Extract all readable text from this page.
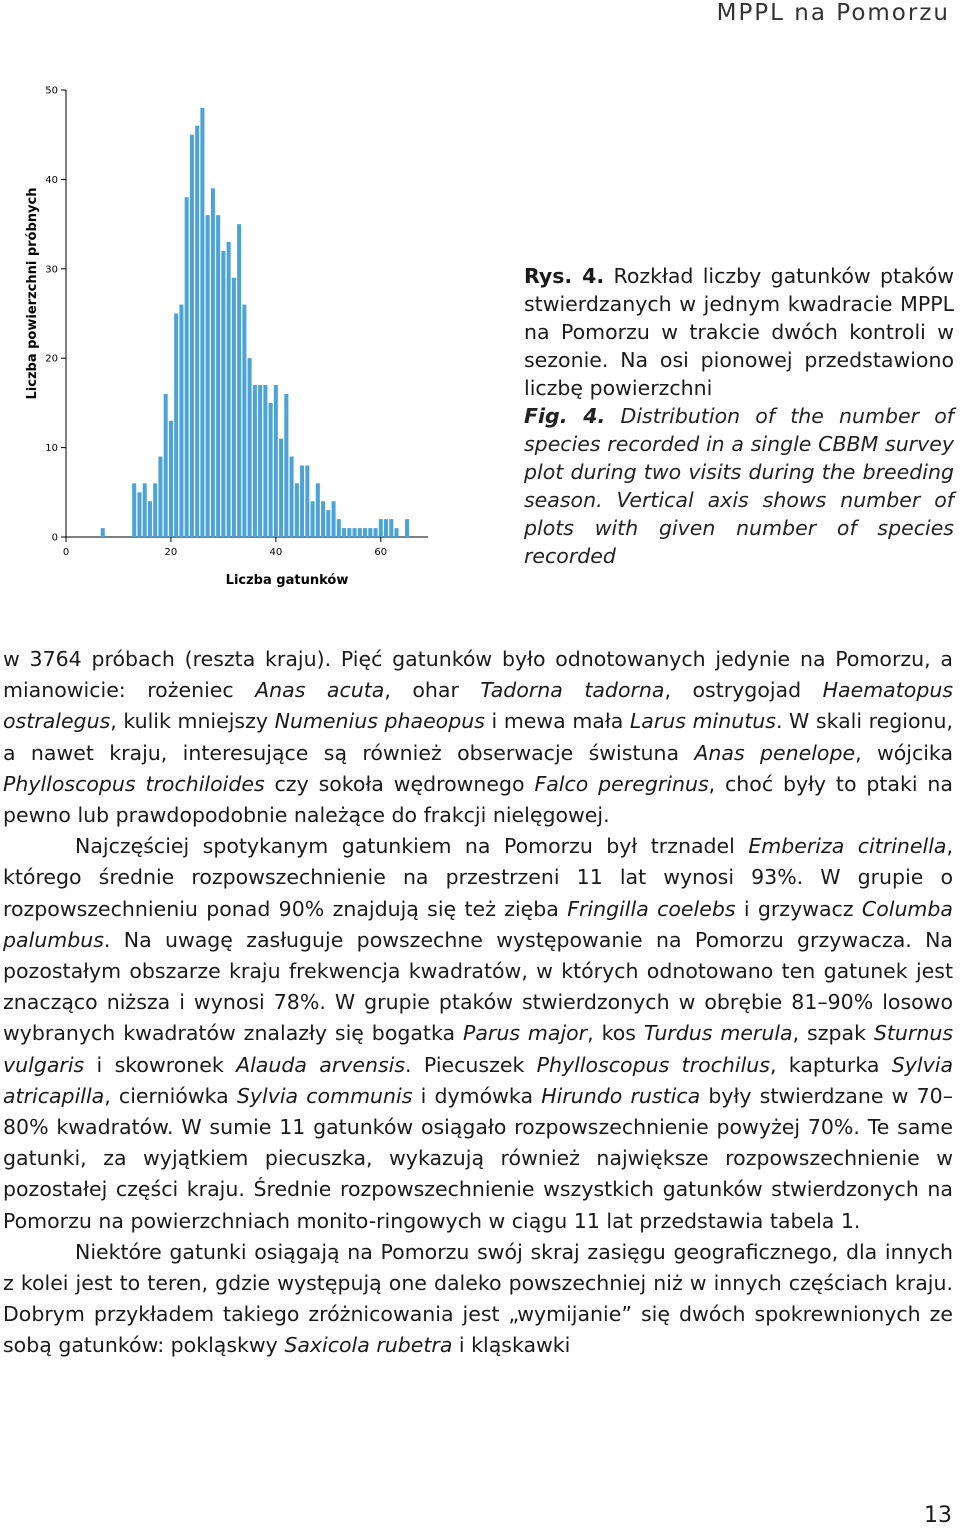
MPPL na Pomorzu
0
10
20
30
40
50
0	20	40	60
Liczba gatunków
Liczba powierzchni próbnych	Rys. 4. Rozkład liczby gatunków ptaków stwierdzanych w jednym kwadracie MPPL na Pomorzu w trakcie dwóch kontroli w sezonie. Na osi pionowej przedstawiono liczbę powierzchni

Fig. 4. Distribution of the number of species recorded in a single CBBM survey plot during two visits during the breeding season. Vertical axis shows number of plots with given number of species recorded

w 3764 próbach (reszta kraju). Pięć gatunków było odnotowanych jedynie na Pomorzu, a mianowicie: rożeniec Anas acuta, ohar Tadorna tadorna, ostrygojad Haematopus ostralegus, kulik mniejszy Numenius phaeopus i mewa mała Larus minutus. W skali regionu, a nawet kraju, interesujące są również obserwacje świstuna Anas penelope, wójcika Phylloscopus trochiloides czy sokoła wędrownego Falco peregrinus, choć były to ptaki na pewno lub prawdopodobnie należące do frakcji nielęgowej.

Najczęściej spotykanym gatunkiem na Pomorzu był trznadel Emberiza citrinella, którego średnie rozpowszechnienie na przestrzeni 11 lat wynosi 93%. W grupie o rozpowszechnieniu ponad 90% znajdują się też zięba Fringilla coelebs i grzywacz Columba palumbus. Na uwagę zasługuje powszechne występowanie na Pomorzu grzywacza. Na pozostałym obszarze kraju frekwencja kwadratów, w których odnotowano ten gatunek jest znacząco niższa i wynosi 78%. W grupie ptaków stwierdzonych w obrębie 81–90% losowo wybranych kwadratów znalazły się bogatka Parus major, kos Turdus merula, szpak Sturnus vulgaris i skowronek Alauda arvensis. Piecuszek Phylloscopus trochilus, kapturka Sylvia atricapilla, cierniówka Sylvia communis i dymówka Hirundo rustica były stwierdzane w 70–80% kwadratów. W sumie 11 gatunków osiągało rozpowszechnienie powyżej 70%. Te same gatunki, za wyjątkiem piecuszka, wykazują również największe rozpowszechnienie w pozostałej części kraju. Średnie rozpowszechnienie wszystkich gatunków stwierdzonych na Pomorzu na powierzchniach monito-ringowych w ciągu 11 lat przedstawia tabela 1.

Niektóre gatunki osiągają na Pomorzu swój skraj zasięgu geograficznego, dla innych z kolei jest to teren, gdzie występują one daleko powszechniej niż w innych częściach kraju. Dobrym przykładem takiego zróżnicowania jest „wymijanie” się dwóch spokrewnionych ze sobą gatunków: pokląskwy Saxicola rubetra i kląskawki

13
